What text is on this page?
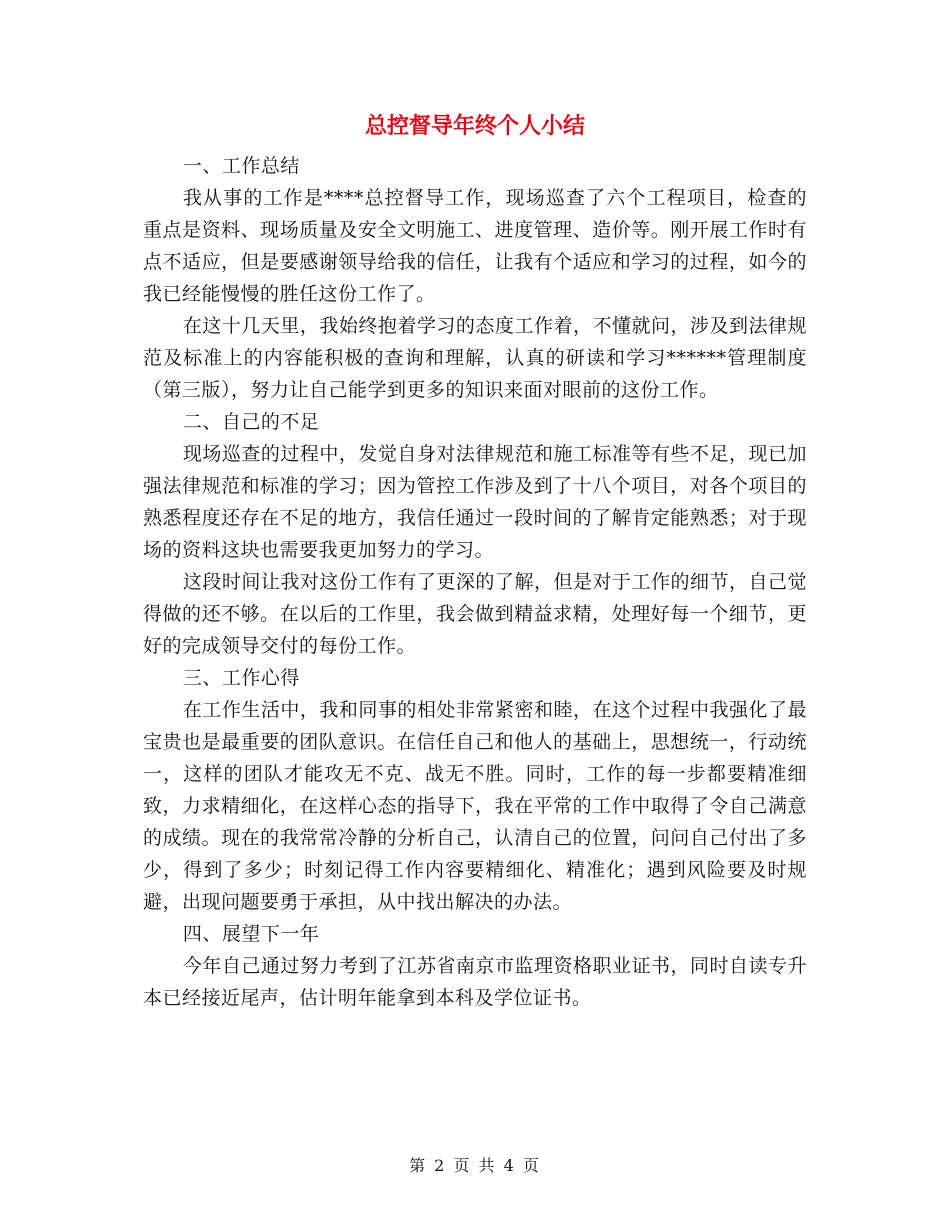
总控督导年终个人小结

一、工作总结

我从事的工作是****总控督导工作，现场巡查了六个工程项目，检查的重点是资料、现场质量及安全文明施工、进度管理、造价等。刚开展工作时有点不适应，但是要感谢领导给我的信任，让我有个适应和学习的过程，如今的我已经能慢慢的胜任这份工作了。

在这十几天里，我始终抱着学习的态度工作着，不懂就问，涉及到法律规范及标准上的内容能积极的查询和理解，认真的研读和学习******管理制度（第三版），努力让自己能学到更多的知识来面对眼前的这份工作。

二、自己的不足

现场巡查的过程中，发觉自身对法律规范和施工标准等有些不足，现已加强法律规范和标准的学习；因为管控工作涉及到了十八个项目，对各个项目的熟悉程度还存在不足的地方，我信任通过一段时间的了解肯定能熟悉；对于现场的资料这块也需要我更加努力的学习。

这段时间让我对这份工作有了更深的了解，但是对于工作的细节，自己觉得做的还不够。在以后的工作里，我会做到精益求精，处理好每一个细节，更好的完成领导交付的每份工作。

三、工作心得

在工作生活中，我和同事的相处非常紧密和睦，在这个过程中我强化了最宝贵也是最重要的团队意识。在信任自己和他人的基础上，思想统一，行动统一，这样的团队才能攻无不克、战无不胜。同时，工作的每一步都要精准细致，力求精细化，在这样心态的指导下，我在平常的工作中取得了令自己满意的成绩。现在的我常常冷静的分析自己，认清自己的位置，问问自己付出了多少，得到了多少；时刻记得工作内容要精细化、精准化；遇到风险要及时规避，出现问题要勇于承担，从中找出解决的办法。

四、展望下一年

今年自己通过努力考到了江苏省南京市监理资格职业证书，同时自读专升本已经接近尾声，估计明年能拿到本科及学位证书。

第 2 页 共 4 页
